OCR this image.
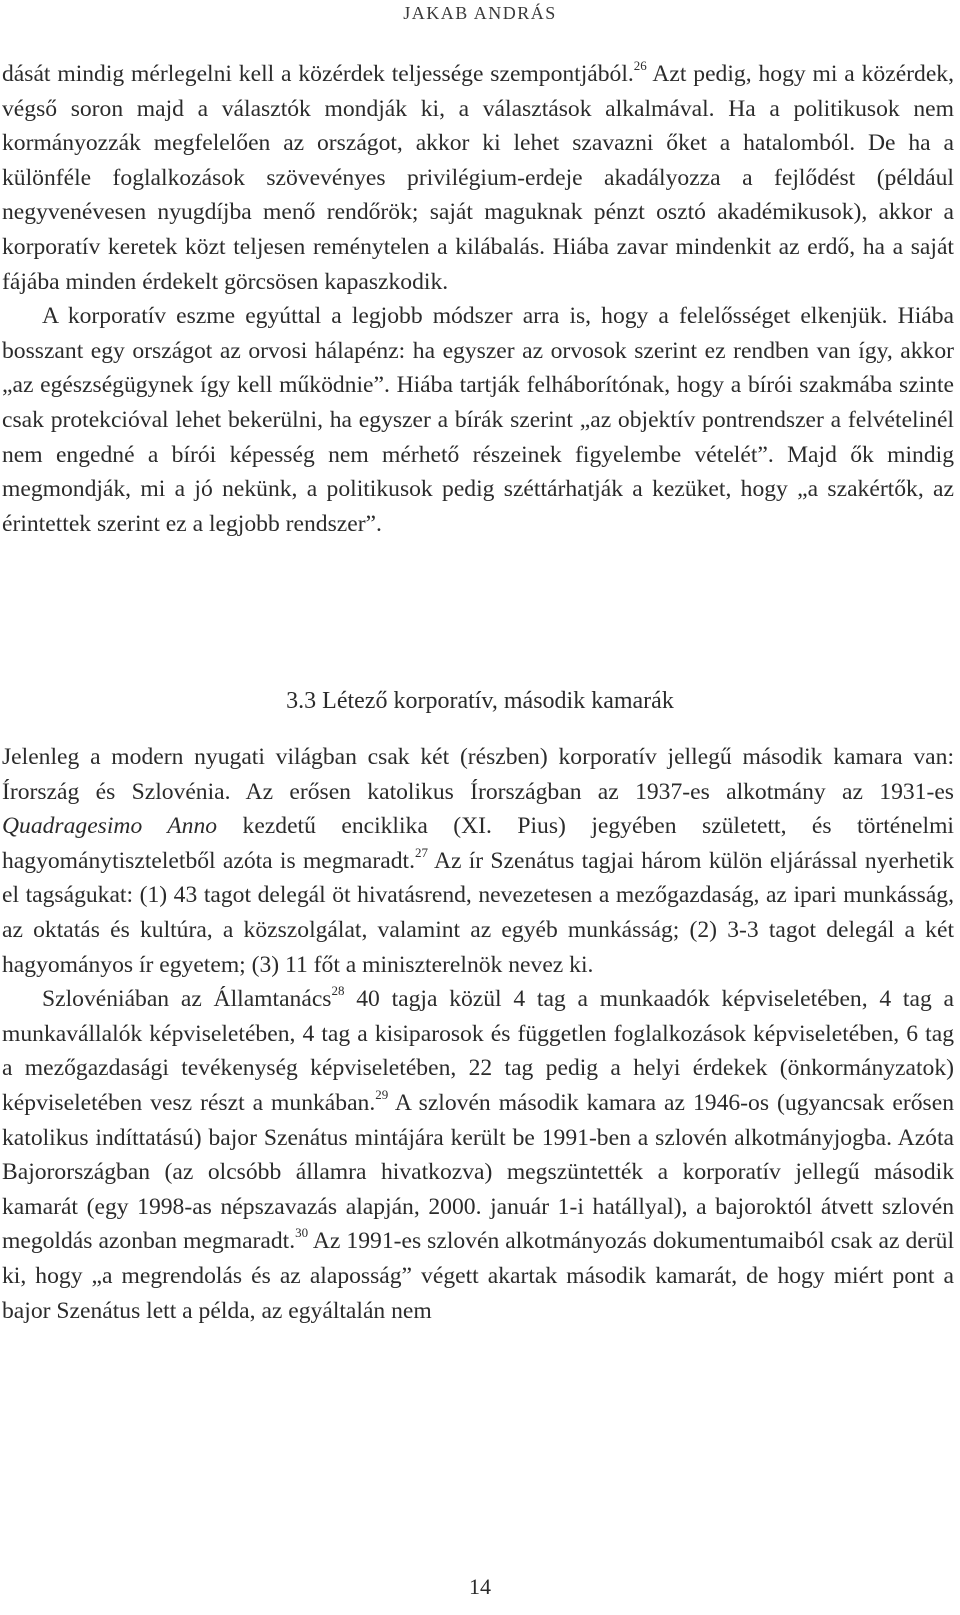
JAKAB ANDRÁS

dását mindig mérlegelni kell a közérdek teljessége szempontjából.$^{26}$ Azt pedig, hogy mi a közérdek, végső soron majd a választók mondják ki, a választások alkalmával. Ha a politikusok nem kormányozzák megfelelően az országot, akkor ki lehet szavazni őket a hatalomból. De ha a különféle foglalkozások szövevényes privilégium-erdeje akadályozza a fejlődést (például negyvenévesen nyugdíjba menő rendőrök; saját maguknak pénzt osztó akadémikusok), akkor a korporatív keretek közt teljesen reménytelen a kilábalás. Hiába zavar mindenkit az erdő, ha a saját fájába minden érdekelt görcsösen kapaszkodik.

A korporatív eszme egyúttal a legjobb módszer arra is, hogy a felelősséget elkenjük. Hiába bosszant egy országot az orvosi hálapénz: ha egyszer az orvosok szerint ez rendben van így, akkor „az egészségügynek így kell működnie”. Hiába tartják felháborítónak, hogy a bírói szakmába szinte csak protekcióval lehet bekerülni, ha egyszer a bírák szerint „az objektív pontrendszer a felvételinél nem engedné a bírói képesség nem mérhető részeinek figyelembe vételét”. Majd ők mindig megmondják, mi a jó nekünk, a politikusok pedig széttárhatják a kezüket, hogy „a szakértők, az érintettek szerint ez a legjobb rendszer”.

3.3 Létező korporatív, második kamarák

Jelenleg a modern nyugati világban csak két (részben) korporatív jellegű második kamara van: Írország és Szlovénia. Az erősen katolikus Írországban az 1937-es alkotmány az 1931-es Quadragesimo Anno kezdetű enciklika (XI. Pius) jegyében született, és történelmi hagyománytiszteletből azóta is megmaradt.$^{27}$ Az ír Szenátus tagjai három külön eljárással nyerhetik el tagságukat: (1) 43 tagot delegál öt hivatásrend, nevezetesen a mezőgazdaság, az ipari munkásság, az oktatás és kultúra, a közszolgálat, valamint az egyéb munkásság; (2) 3-3 tagot delegál a két hagyományos ír egyetem; (3) 11 főt a miniszterelnök nevez ki.

Szlovéniában az Államtanács$^{28}$ 40 tagja közül 4 tag a munkaadók képviseletében, 4 tag a munkavállalók képviseletében, 4 tag a kisiparosok és független foglalkozások képviseletében, 6 tag a mezőgazdasági tevékenység képviseletében, 22 tag pedig a helyi érdekek (önkormányzatok) képviseletében vesz részt a munkában.$^{29}$ A szlovén második kamara az 1946-os (ugyancsak erősen katolikus indíttatású) bajor Szenátus mintájára került be 1991-ben a szlovén alkotmányjogba. Azóta Bajorországban (az olcsóbb államra hivatkozva) megszüntették a korporatív jellegű második kamarát (egy 1998-as népszavazás alapján, 2000. január 1-i hatállyal), a bajoroktól átvett szlovén megoldás azonban megmaradt.$^{30}$ Az 1991-es szlovén alkotmányozás dokumentumaiból csak az derül ki, hogy „a megrendolás és az alaposság” végett akartak második kamarát, de hogy miért pont a bajor Szenátus lett a példa, az egyáltalán nem

14
